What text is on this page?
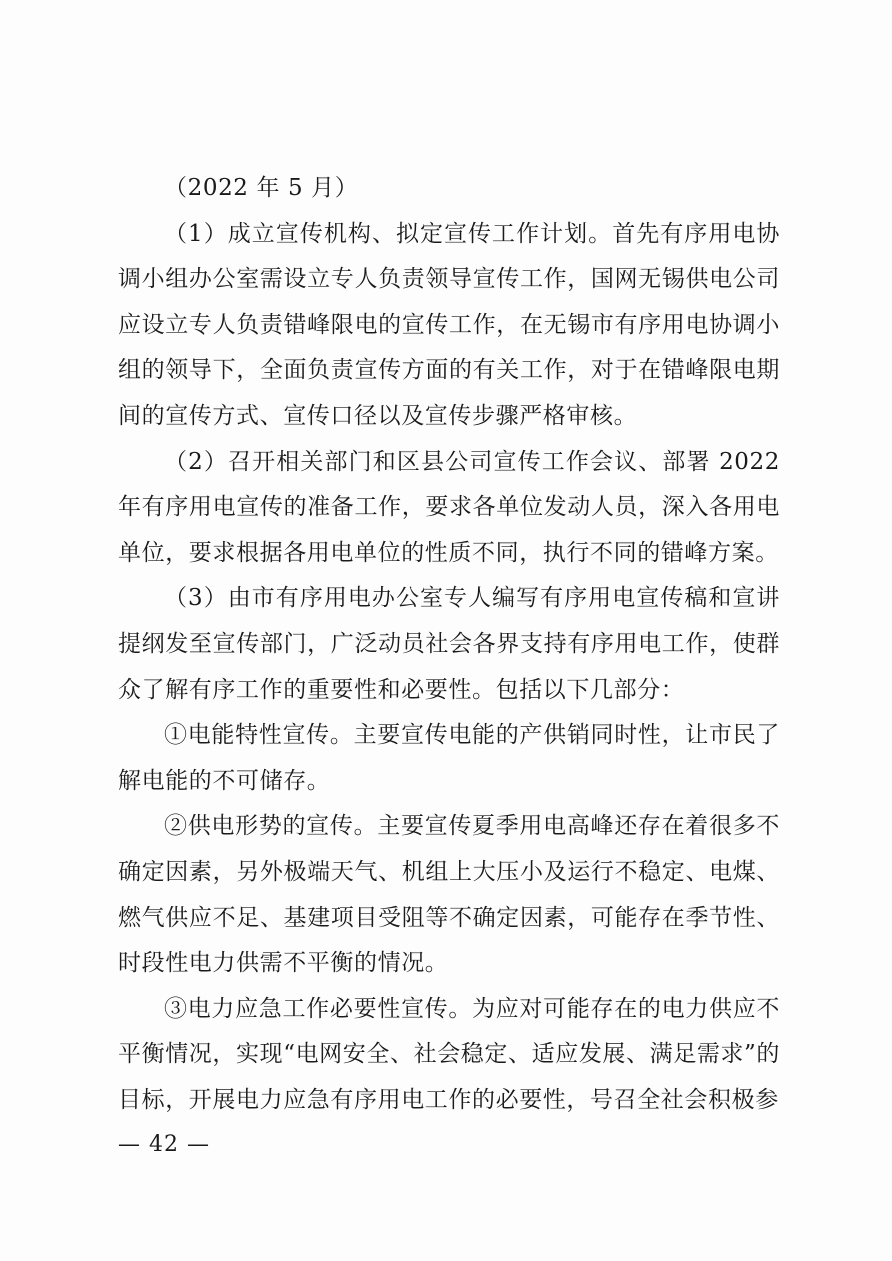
（2022 年 5 月）

（1）成立宣传机构、拟定宣传工作计划。首先有序用电协调小组办公室需设立专人负责领导宣传工作，国网无锡供电公司应设立专人负责错峰限电的宣传工作，在无锡市有序用电协调小组的领导下，全面负责宣传方面的有关工作，对于在错峰限电期间的宣传方式、宣传口径以及宣传步骤严格审核。

（2）召开相关部门和区县公司宣传工作会议、部署 2022 年有序用电宣传的准备工作，要求各单位发动人员，深入各用电单位，要求根据各用电单位的性质不同，执行不同的错峰方案。

（3）由市有序用电办公室专人编写有序用电宣传稿和宣讲提纲发至宣传部门，广泛动员社会各界支持有序用电工作，使群众了解有序工作的重要性和必要性。包括以下几部分：

①电能特性宣传。主要宣传电能的产供销同时性，让市民了解电能的不可储存。

②供电形势的宣传。主要宣传夏季用电高峰还存在着很多不确定因素，另外极端天气、机组上大压小及运行不稳定、电煤、燃气供应不足、基建项目受阻等不确定因素，可能存在季节性、时段性电力供需不平衡的情况。

③电力应急工作必要性宣传。为应对可能存在的电力供应不平衡情况，实现“电网安全、社会稳定、适应发展、满足需求”的目标，开展电力应急有序用电工作的必要性，号召全社会积极参

— 42 —
